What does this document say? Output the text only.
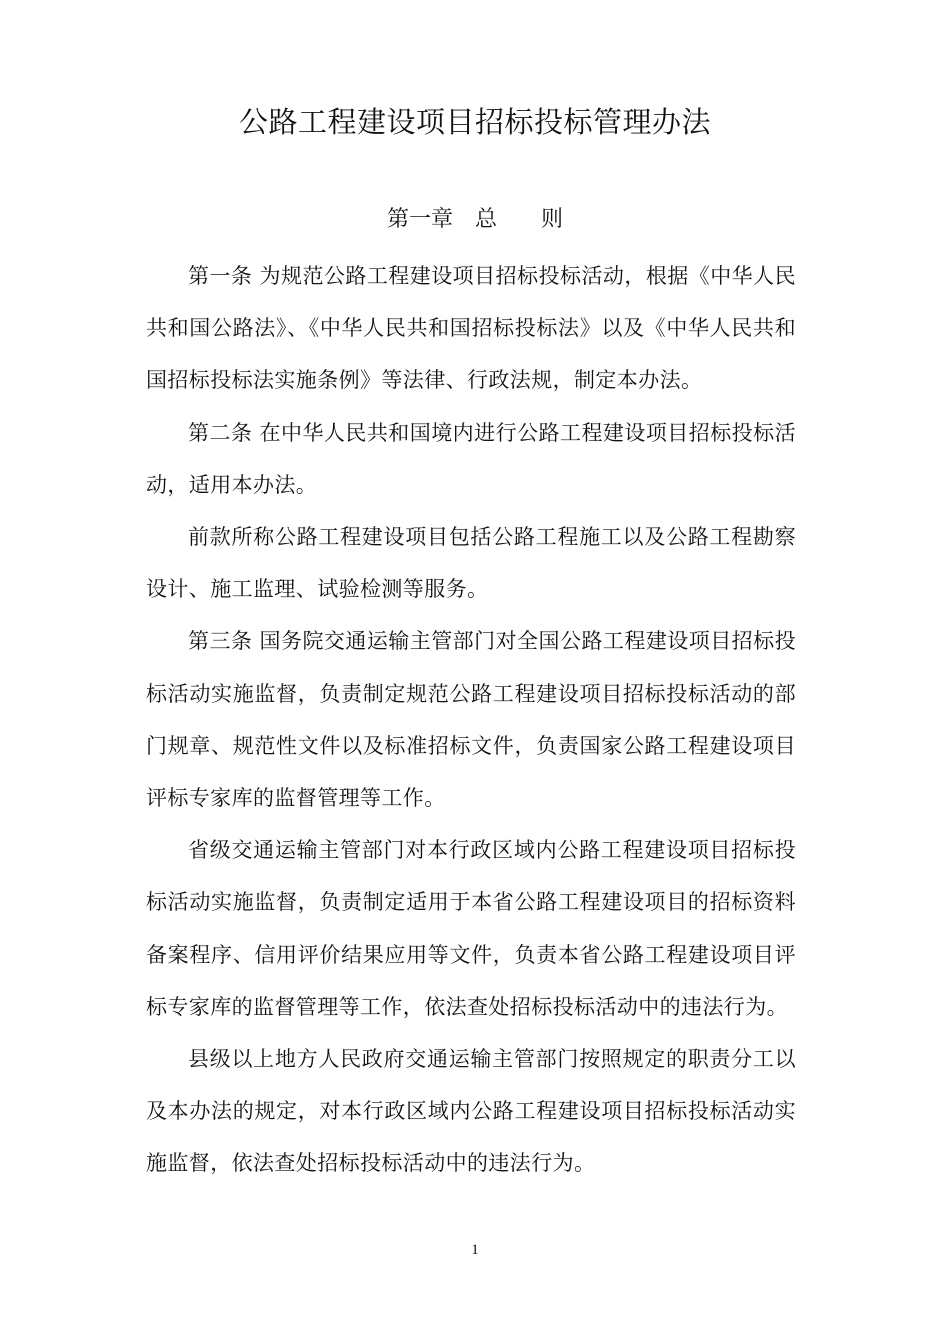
公路工程建设项目招标投标管理办法
第一章　总　　则

第一条 为规范公路工程建设项目招标投标活动，根据《中华人民共和国公路法》、《中华人民共和国招标投标法》以及《中华人民共和国招标投标法实施条例》等法律、行政法规，制定本办法。

第二条 在中华人民共和国境内进行公路工程建设项目招标投标活动，适用本办法。

前款所称公路工程建设项目包括公路工程施工以及公路工程勘察设计、施工监理、试验检测等服务。

第三条 国务院交通运输主管部门对全国公路工程建设项目招标投标活动实施监督，负责制定规范公路工程建设项目招标投标活动的部门规章、规范性文件以及标准招标文件，负责国家公路工程建设项目评标专家库的监督管理等工作。

省级交通运输主管部门对本行政区域内公路工程建设项目招标投标活动实施监督，负责制定适用于本省公路工程建设项目的招标资料备案程序、信用评价结果应用等文件，负责本省公路工程建设项目评标专家库的监督管理等工作，依法查处招标投标活动中的违法行为。

县级以上地方人民政府交通运输主管部门按照规定的职责分工以及本办法的规定，对本行政区域内公路工程建设项目招标投标活动实施监督，依法查处招标投标活动中的违法行为。

1
